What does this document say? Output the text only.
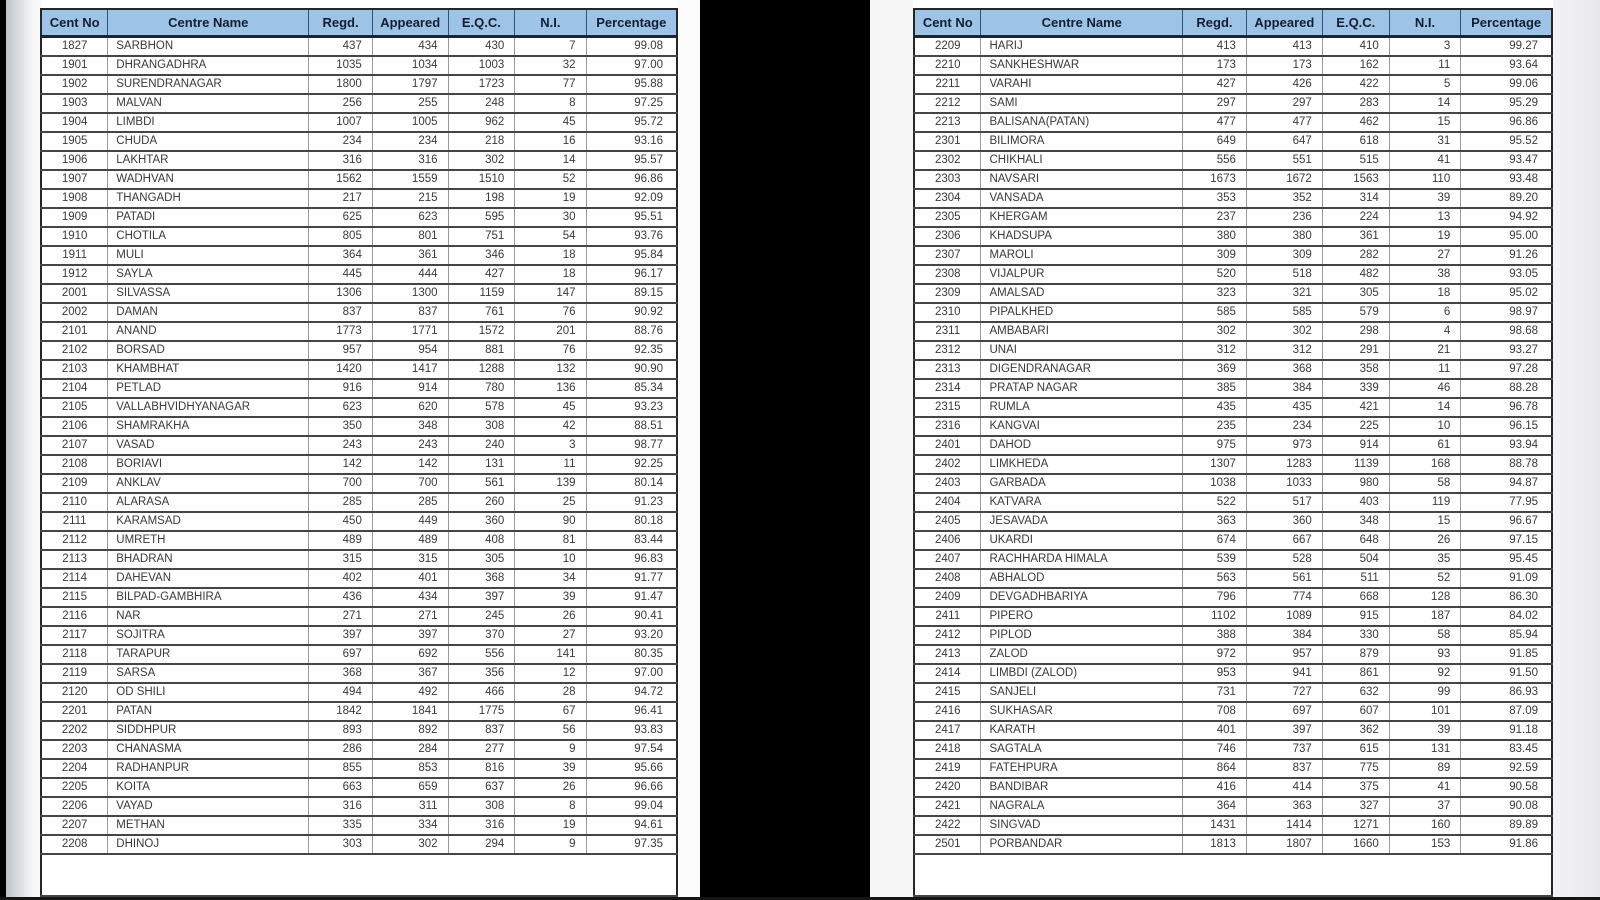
Cent No	Centre Name	Regd.	Appeared	E.Q.C.	N.I.	Percentage
1827	SARBHON	437	434	430	7	99.08
1901	DHRANGADHRA	1035	1034	1003	32	97.00
1902	SURENDRANAGAR	1800	1797	1723	77	95.88
1903	MALVAN	256	255	248	8	97.25
1904	LIMBDI	1007	1005	962	45	95.72
1905	CHUDA	234	234	218	16	93.16
1906	LAKHTAR	316	316	302	14	95.57
1907	WADHVAN	1562	1559	1510	52	96.86
1908	THANGADH	217	215	198	19	92.09
1909	PATADI	625	623	595	30	95.51
1910	CHOTILA	805	801	751	54	93.76
1911	MULI	364	361	346	18	95.84
1912	SAYLA	445	444	427	18	96.17
2001	SILVASSA	1306	1300	1159	147	89.15
2002	DAMAN	837	837	761	76	90.92
2101	ANAND	1773	1771	1572	201	88.76
2102	BORSAD	957	954	881	76	92.35
2103	KHAMBHAT	1420	1417	1288	132	90.90
2104	PETLAD	916	914	780	136	85.34
2105	VALLABHVIDHYANAGAR	623	620	578	45	93.23
2106	SHAMRAKHA	350	348	308	42	88.51
2107	VASAD	243	243	240	3	98.77
2108	BORIAVI	142	142	131	11	92.25
2109	ANKLAV	700	700	561	139	80.14
2110	ALARASA	285	285	260	25	91.23
2111	KARAMSAD	450	449	360	90	80.18
2112	UMRETH	489	489	408	81	83.44
2113	BHADRAN	315	315	305	10	96.83
2114	DAHEVAN	402	401	368	34	91.77
2115	BILPAD-GAMBHIRA	436	434	397	39	91.47
2116	NAR	271	271	245	26	90.41
2117	SOJITRA	397	397	370	27	93.20
2118	TARAPUR	697	692	556	141	80.35
2119	SARSA	368	367	356	12	97.00
2120	OD SHILI	494	492	466	28	94.72
2201	PATAN	1842	1841	1775	67	96.41
2202	SIDDHPUR	893	892	837	56	93.83
2203	CHANASMA	286	284	277	9	97.54
2204	RADHANPUR	855	853	816	39	95.66
2205	KOITA	663	659	637	26	96.66
2206	VAYAD	316	311	308	8	99.04
2207	METHAN	335	334	316	19	94.61
2208	DHINOJ	303	302	294	9	97.35

Cent No	Centre Name	Regd.	Appeared	E.Q.C.	N.I.	Percentage
2209	HARIJ	413	413	410	3	99.27
2210	SANKHESHWAR	173	173	162	11	93.64
2211	VARAHI	427	426	422	5	99.06
2212	SAMI	297	297	283	14	95.29
2213	BALISANA(PATAN)	477	477	462	15	96.86
2301	BILIMORA	649	647	618	31	95.52
2302	CHIKHALI	556	551	515	41	93.47
2303	NAVSARI	1673	1672	1563	110	93.48
2304	VANSADA	353	352	314	39	89.20
2305	KHERGAM	237	236	224	13	94.92
2306	KHADSUPA	380	380	361	19	95.00
2307	MAROLI	309	309	282	27	91.26
2308	VIJALPUR	520	518	482	38	93.05
2309	AMALSAD	323	321	305	18	95.02
2310	PIPALKHED	585	585	579	6	98.97
2311	AMBABARI	302	302	298	4	98.68
2312	UNAI	312	312	291	21	93.27
2313	DIGENDRANAGAR	369	368	358	11	97.28
2314	PRATAP NAGAR	385	384	339	46	88.28
2315	RUMLA	435	435	421	14	96.78
2316	KANGVAI	235	234	225	10	96.15
2401	DAHOD	975	973	914	61	93.94
2402	LIMKHEDA	1307	1283	1139	168	88.78
2403	GARBADA	1038	1033	980	58	94.87
2404	KATVARA	522	517	403	119	77.95
2405	JESAVADA	363	360	348	15	96.67
2406	UKARDI	674	667	648	26	97.15
2407	RACHHARDA HIMALA	539	528	504	35	95.45
2408	ABHALOD	563	561	511	52	91.09
2409	DEVGADHBARIYA	796	774	668	128	86.30
2411	PIPERO	1102	1089	915	187	84.02
2412	PIPLOD	388	384	330	58	85.94
2413	ZALOD	972	957	879	93	91.85
2414	LIMBDI (ZALOD)	953	941	861	92	91.50
2415	SANJELI	731	727	632	99	86.93
2416	SUKHASAR	708	697	607	101	87.09
2417	KARATH	401	397	362	39	91.18
2418	SAGTALA	746	737	615	131	83.45
2419	FATEHPURA	864	837	775	89	92.59
2420	BANDIBAR	416	414	375	41	90.58
2421	NAGRALA	364	363	327	37	90.08
2422	SINGVAD	1431	1414	1271	160	89.89
2501	PORBANDAR	1813	1807	1660	153	91.86
